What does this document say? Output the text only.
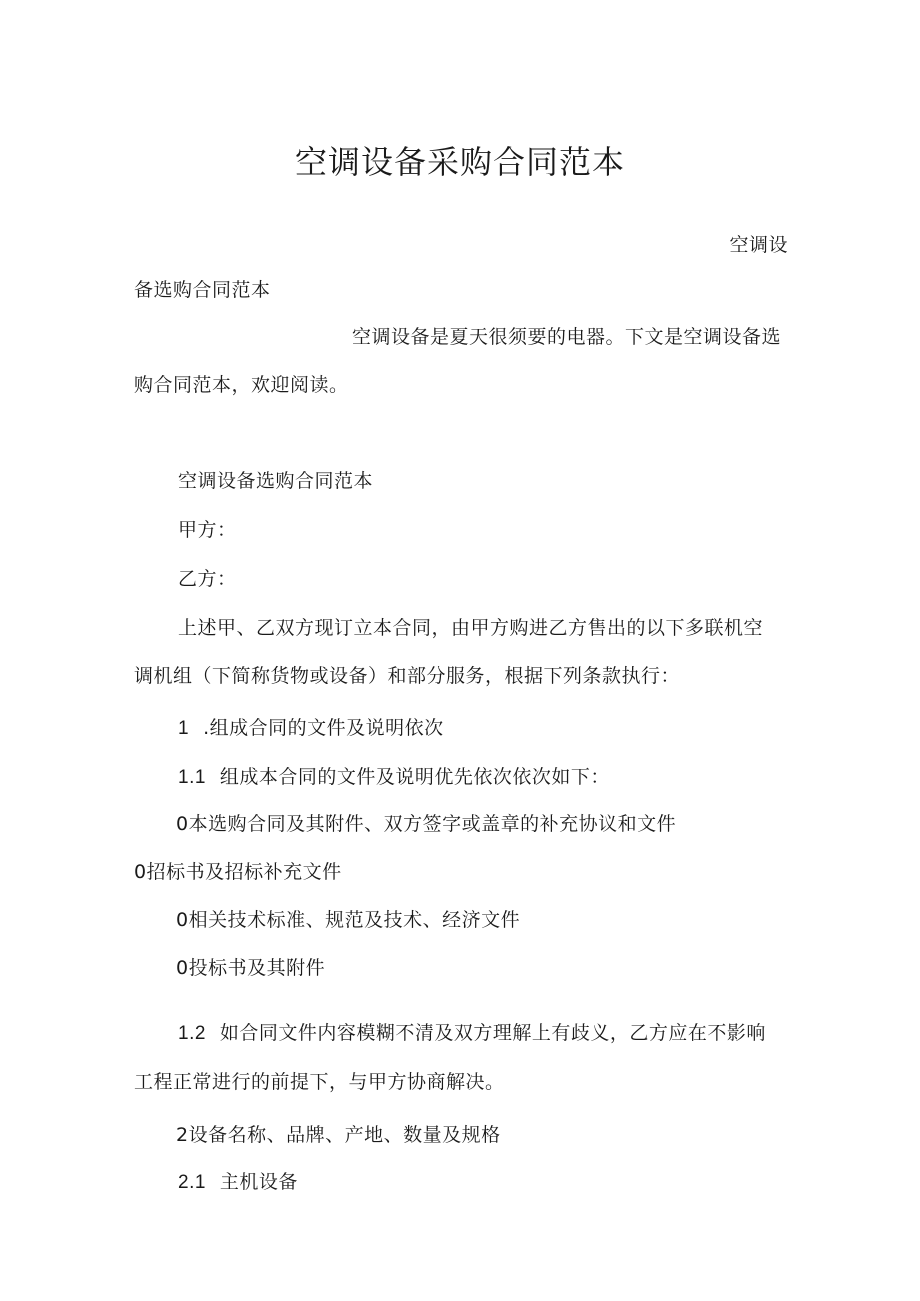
空调设备采购合同范本
空调设
备选购合同范本
空调设备是夏天很须要的电器。下文是空调设备选
购合同范本，欢迎阅读。
空调设备选购合同范本
甲方：
乙方：
上述甲、乙双方现订立本合同，由甲方购进乙方售出的以下多联机空
调机组（下简称货物或设备）和部分服务，根据下列条款执行：
1 .组成合同的文件及说明依次
1.1 组成本合同的文件及说明优先依次依次如下：
0本选购合同及其附件、双方签字或盖章的补充协议和文件
0招标书及招标补充文件
0相关技术标准、规范及技术、经济文件
0投标书及其附件
1.2 如合同文件内容模糊不清及双方理解上有歧义，乙方应在不影响
工程正常进行的前提下，与甲方协商解决。
2设备名称、品牌、产地、数量及规格
2.1 主机设备
